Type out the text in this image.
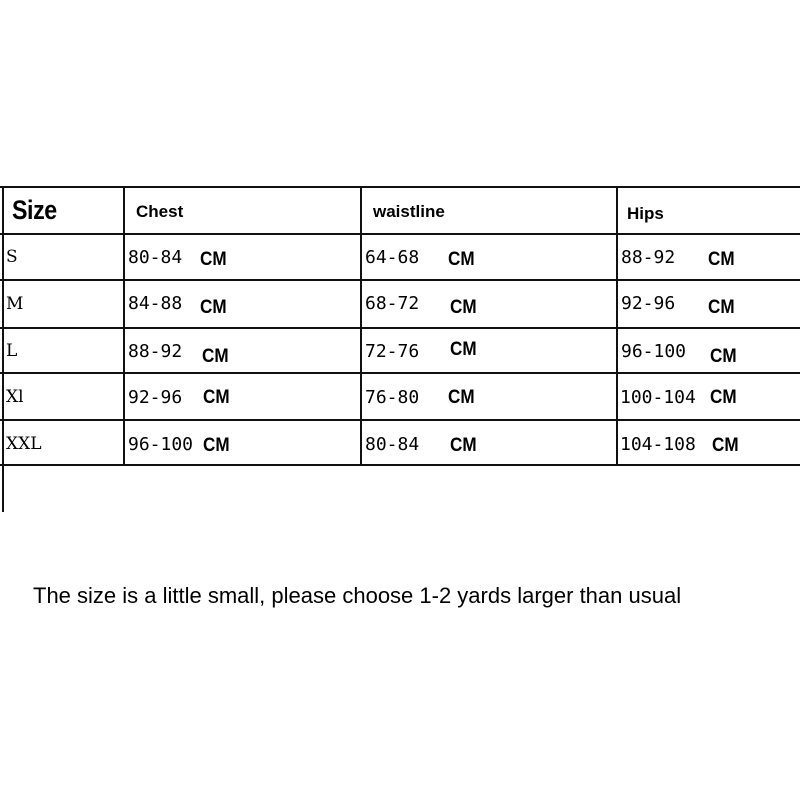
Size	Chest	waistline	Hips
S	80-84 CM	64-68 CM	88-92 CM
M	84-88 CM	68-72 CM	92-96 CM
L	88-92 CM	72-76 CM	96-100 CM
Xl	92-96 CM	76-80 CM	100-104 CM
XXL	96-100 CM	80-84 CM	104-108 CM
The size is a little small, please choose 1-2 yards larger than usual
